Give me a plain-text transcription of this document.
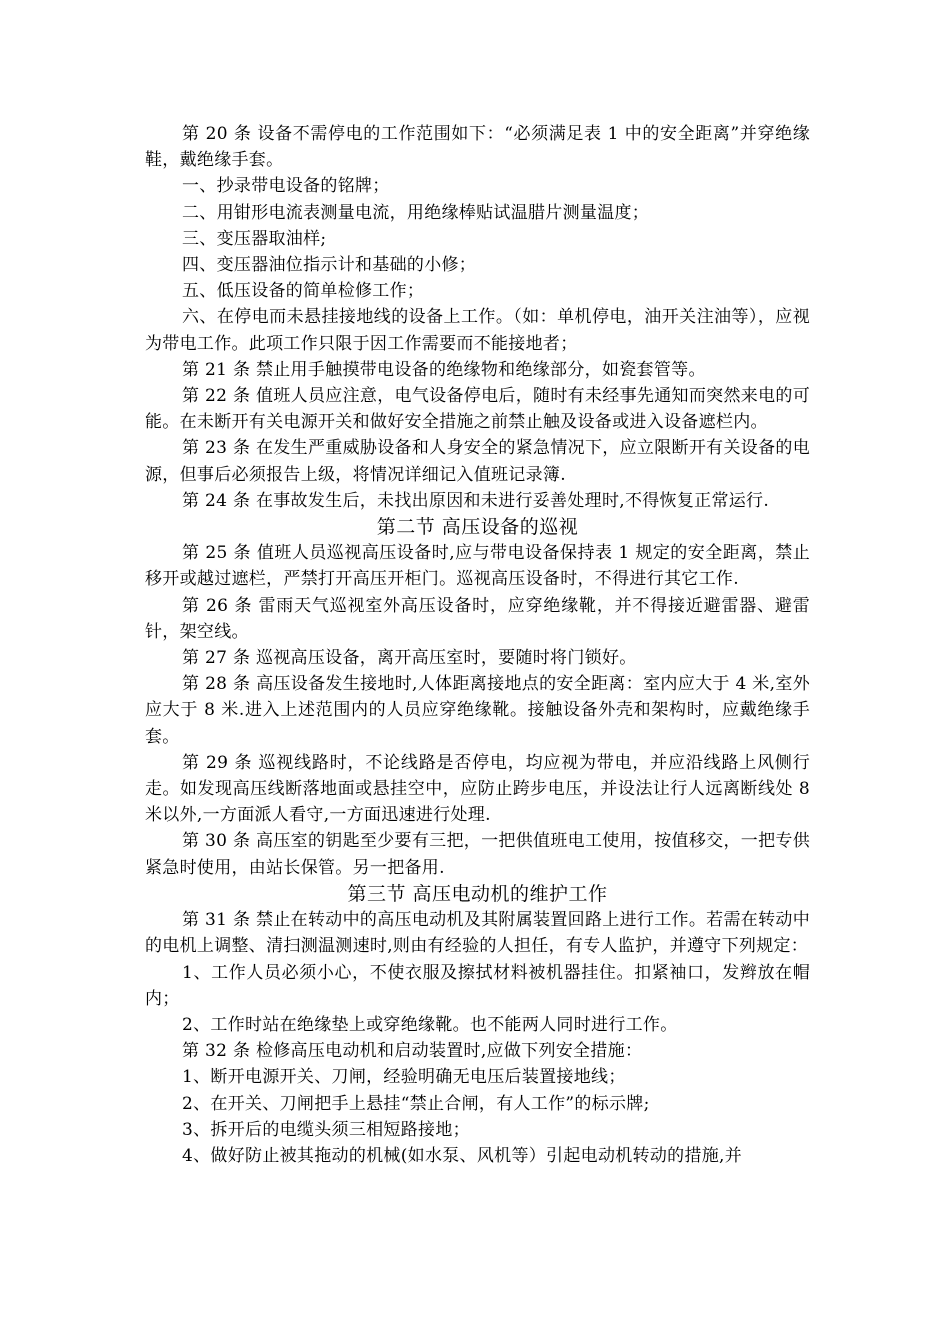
第 20 条 设备不需停电的工作范围如下：“必须满足表 1 中的安全距离”并穿绝缘鞋，戴绝缘手套。

一、抄录带电设备的铭牌；

二、用钳形电流表测量电流，用绝缘棒贴试温腊片测量温度；

三、变压器取油样;

四、变压器油位指示计和基础的小修；

五、低压设备的简单检修工作；

六、在停电而未悬挂接地线的设备上工作。（如：单机停电，油开关注油等），应视为带电工作。此项工作只限于因工作需要而不能接地者；

第 21 条 禁止用手触摸带电设备的绝缘物和绝缘部分，如瓷套管等。

第 22 条 值班人员应注意，电气设备停电后，随时有未经事先通知而突然来电的可能。在未断开有关电源开关和做好安全措施之前禁止触及设备或进入设备遮栏内。

第 23 条 在发生严重威胁设备和人身安全的紧急情况下，应立限断开有关设备的电源，但事后必须报告上级，将情况详细记入值班记录簿.

第 24 条 在事故发生后，未找出原因和未进行妥善处理时,不得恢复正常运行.

第二节 高压设备的巡视

第 25 条 值班人员巡视高压设备时,应与带电设备保持表 1 规定的安全距离，禁止移开或越过遮栏，严禁打开高压开柜门。巡视高压设备时，不得进行其它工作.

第 26 条 雷雨天气巡视室外高压设备时，应穿绝缘靴，并不得接近避雷器、避雷针，架空线。

第 27 条 巡视高压设备，离开高压室时，要随时将门锁好。

第 28 条 高压设备发生接地时,人体距离接地点的安全距离：室内应大于 4 米,室外应大于 8 米.进入上述范围内的人员应穿绝缘靴。接触设备外壳和架构时，应戴绝缘手套。

第 29 条 巡视线路时，不论线路是否停电，均应视为带电，并应沿线路上风侧行走。如发现高压线断落地面或悬挂空中，应防止跨步电压，并设法让行人远离断线处 8 米以外,一方面派人看守,一方面迅速进行处理.

第 30 条 高压室的钥匙至少要有三把，一把供值班电工使用，按值移交，一把专供紧急时使用，由站长保管。另一把备用.

第三节 高压电动机的维护工作

第 31 条 禁止在转动中的高压电动机及其附属装置回路上进行工作。若需在转动中的电机上调整、清扫测温测速时,则由有经验的人担任，有专人监护，并遵守下列规定：

1、工作人员必须小心，不使衣服及擦拭材料被机器挂住。扣紧袖口，发辫放在帽内；

2、工作时站在绝缘垫上或穿绝缘靴。也不能两人同时进行工作。

第 32 条 检修高压电动机和启动装置时,应做下列安全措施：

1、断开电源开关、刀闸，经验明确无电压后装置接地线；

2、在开关、刀闸把手上悬挂“禁止合闸，有人工作”的标示牌;

3、拆开后的电缆头须三相短路接地；

4、做好防止被其拖动的机械(如水泵、风机等）引起电动机转动的措施,并
